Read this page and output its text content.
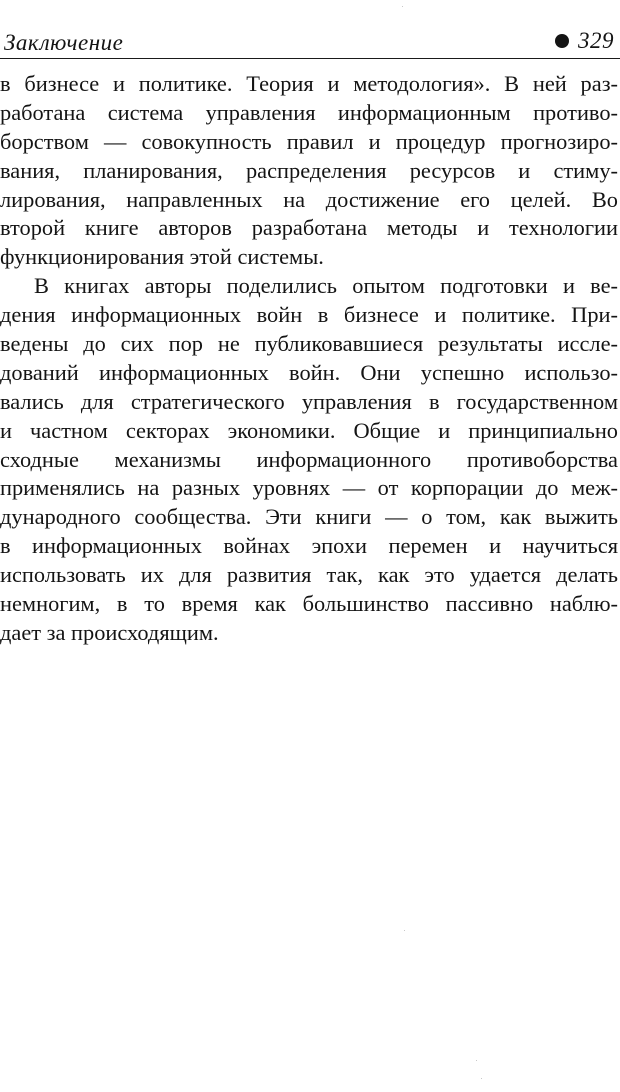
Заключение	329
в бизнесе и политике. Теория и методология». В ней раз-
работана система управления информационным противо-
борством — совокупность правил и процедур прогнозиро-
вания, планирования, распределения ресурсов и стиму-
лирования, направленных на достижение его целей. Во
второй книге авторов разработана методы и технологии
функционирования этой системы.
В книгах авторы поделились опытом подготовки и ве-
дения информационных войн в бизнесе и политике. При-
ведены до сих пор не публиковавшиеся результаты иссле-
дований информационных войн. Они успешно использо-
вались для стратегического управления в государственном
и частном секторах экономики. Общие и принципиально
сходные механизмы информационного противоборства
применялись на разных уровнях — от корпорации до меж-
дународного сообщества. Эти книги — о том, как выжить
в информационных войнах эпохи перемен и научиться
использовать их для развития так, как это удается делать
немногим, в то время как большинство пассивно наблю-
дает за происходящим.
